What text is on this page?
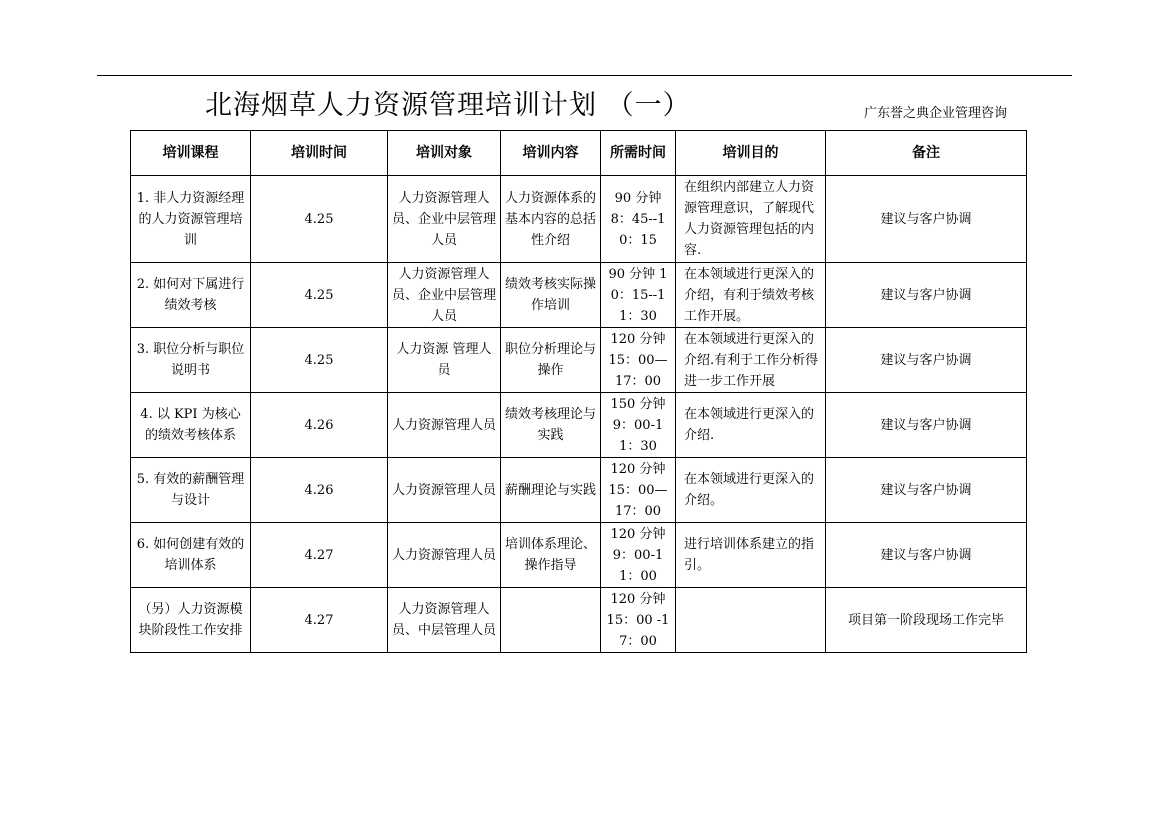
北海烟草人力资源管理培训计划 （一）	广东誉之典企业管理咨询
培训课程	培训时间	培训对象	培训内容	所需时间	培训目的	备注
1. 非人力资源经理的人力资源管理培训	4.25	人力资源管理人员、企业中层管理人员	人力资源体系的基本内容的总括性介绍	90 分钟 8：45--10：15	在组织内部建立人力资源管理意识，了解现代人力资源管理包括的内容.	建议与客户协调
2. 如何对下属进行绩效考核	4.25	人力资源管理人员、企业中层管理人员	绩效考核实际操作培训	90 分钟 10：15--11：30	在本领域进行更深入的介绍，有利于绩效考核工作开展。	建议与客户协调
3. 职位分析与职位说明书	4.25	人力资源 管理人员	职位分析理论与操作	120 分钟 15：00—17：00	在本领域进行更深入的介绍.有利于工作分析得进一步工作开展	建议与客户协调
4. 以 KPI 为核心的绩效考核体系	4.26	人力资源管理人员	绩效考核理论与实践	150 分钟 9：00-11：30	在本领域进行更深入的介绍.	建议与客户协调
5. 有效的薪酬管理与设计	4.26	人力资源管理人员	薪酬理论与实践	120 分钟 15：00—17：00	在本领域进行更深入的介绍。	建议与客户协调
6. 如何创建有效的培训体系	4.27	人力资源管理人员	培训体系理论、操作指导	120 分钟 9：00-11：00	进行培训体系建立的指引。	建议与客户协调
（另）人力资源模块阶段性工作安排	4.27	人力资源管理人员、中层管理人员		120 分钟 15：00 -17：00		项目第一阶段现场工作完毕
